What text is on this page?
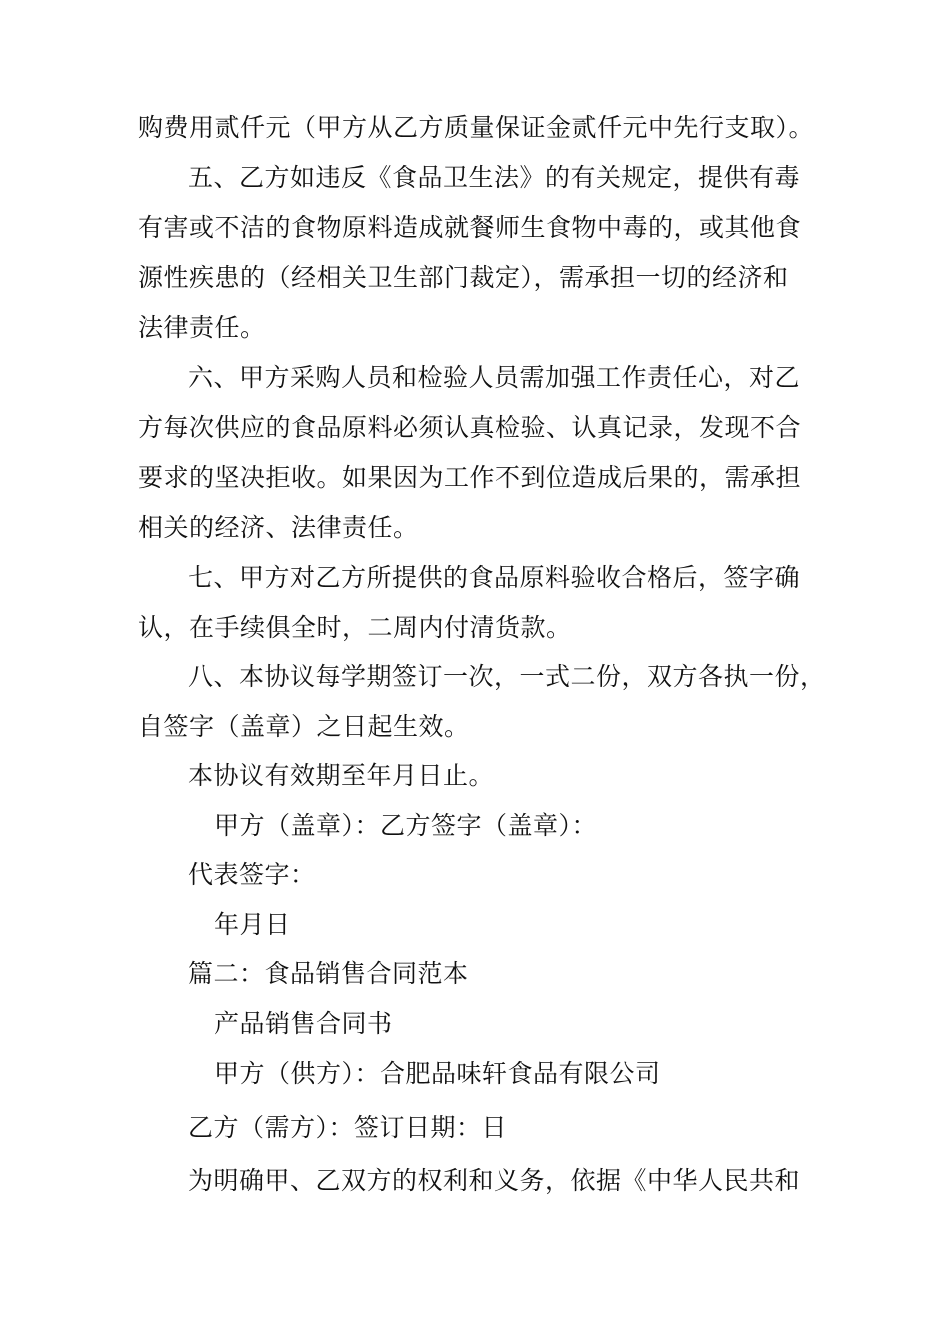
购费用贰仟元（甲方从乙方质量保证金贰仟元中先行支取）。
五、乙方如违反《食品卫生法》的有关规定，提供有毒
有害或不洁的食物原料造成就餐师生食物中毒的，或其他食
源性疾患的（经相关卫生部门裁定），需承担一切的经济和
法律责任。
六、甲方采购人员和检验人员需加强工作责任心，对乙
方每次供应的食品原料必须认真检验、认真记录，发现不合
要求的坚决拒收。如果因为工作不到位造成后果的，需承担
相关的经济、法律责任。
七、甲方对乙方所提供的食品原料验收合格后，签字确
认，在手续俱全时，二周内付清货款。
八、本协议每学期签订一次，一式二份，双方各执一份，
自签字（盖章）之日起生效。
本协议有效期至年月日止。
甲方（盖章）：乙方签字（盖章）：
代表签字：
年月日
篇二：食品销售合同范本
产品销售合同书
甲方（供方）：合肥品味轩食品有限公司
乙方（需方）：签订日期：日
为明确甲、乙双方的权利和义务，依据《中华人民共和
